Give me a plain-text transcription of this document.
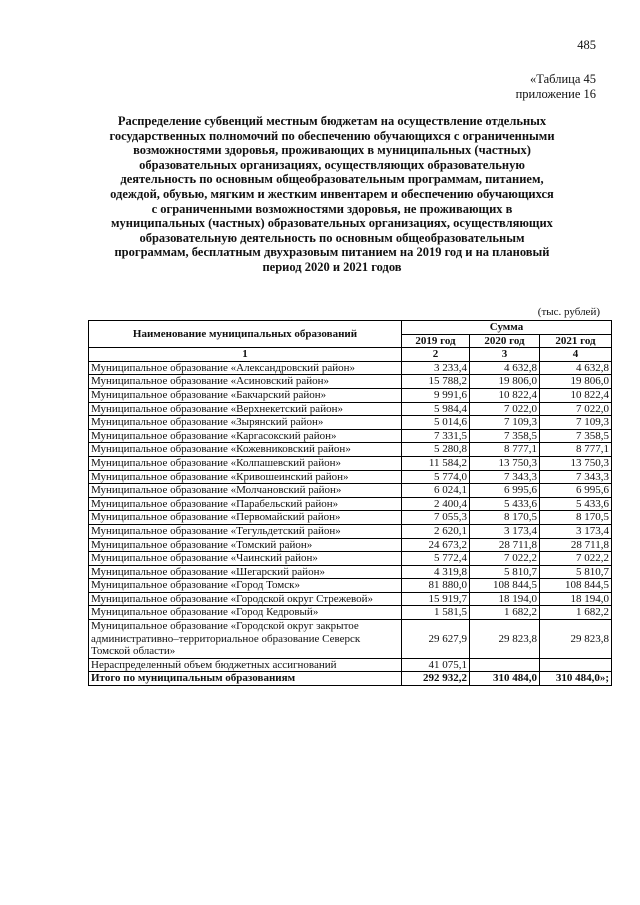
485
«Таблица 45
приложение 16
Распределение субвенций местным бюджетам на осуществление отдельных
государственных полномочий по обеспечению обучающихся с ограниченными
возможностями здоровья, проживающих в муниципальных (частных)
образовательных организациях, осуществляющих образовательную
деятельность по основным общеобразовательным программам, питанием,
одеждой, обувью, мягким и жестким инвентарем и обеспечению обучающихся
с ограниченными возможностями здоровья, не проживающих в
муниципальных (частных) образовательных организациях, осуществляющих
образовательную деятельность по основным общеобразовательным
программам, бесплатным двухразовым питанием на 2019 год и на плановый
период 2020 и 2021 годов
(тыс. рублей)
Наименование муниципальных образований	Сумма		
	2019 год	2020 год	2021 год
1	2	3	4
Муниципальное образование «Александровский район»	3 233,4	4 632,8	4 632,8
Муниципальное образование «Асиновский район»	15 788,2	19 806,0	19 806,0
Муниципальное образование «Бакчарский район»	9 991,6	10 822,4	10 822,4
Муниципальное образование «Верхнекетский район»	5 984,4	7 022,0	7 022,0
Муниципальное образование «Зырянский район»	5 014,6	7 109,3	7 109,3
Муниципальное образование «Каргасокский район»	7 331,5	7 358,5	7 358,5
Муниципальное образование «Кожевниковский район»	5 280,8	8 777,1	8 777,1
Муниципальное образование «Колпашевский район»	11 584,2	13 750,3	13 750,3
Муниципальное образование «Кривошеинский район»	5 774,0	7 343,3	7 343,3
Муниципальное образование «Молчановский район»	6 024,1	6 995,6	6 995,6
Муниципальное образование «Парабельский район»	2 400,4	5 433,6	5 433,6
Муниципальное образование «Первомайский район»	7 055,3	8 170,5	8 170,5
Муниципальное образование «Тегульдетский район»	2 620,1	3 173,4	3 173,4
Муниципальное образование «Томский район»	24 673,2	28 711,8	28 711,8
Муниципальное образование «Чаинский район»	5 772,4	7 022,2	7 022,2
Муниципальное образование «Шегарский район»	4 319,8	5 810,7	5 810,7
Муниципальное образование «Город Томск»	81 880,0	108 844,5	108 844,5
Муниципальное образование «Городской округ Стрежевой»	15 919,7	18 194,0	18 194,0
Муниципальное образование «Город Кедровый»	1 581,5	1 682,2	1 682,2
Муниципальное образование «Городской округ закрытое административно–территориальное образование Северск Томской области»	29 627,9	29 823,8	29 823,8
Нераспределенный объем бюджетных ассигнований	41 075,1		
Итого по муниципальным образованиям	292 932,2	310 484,0	310 484,0»;
